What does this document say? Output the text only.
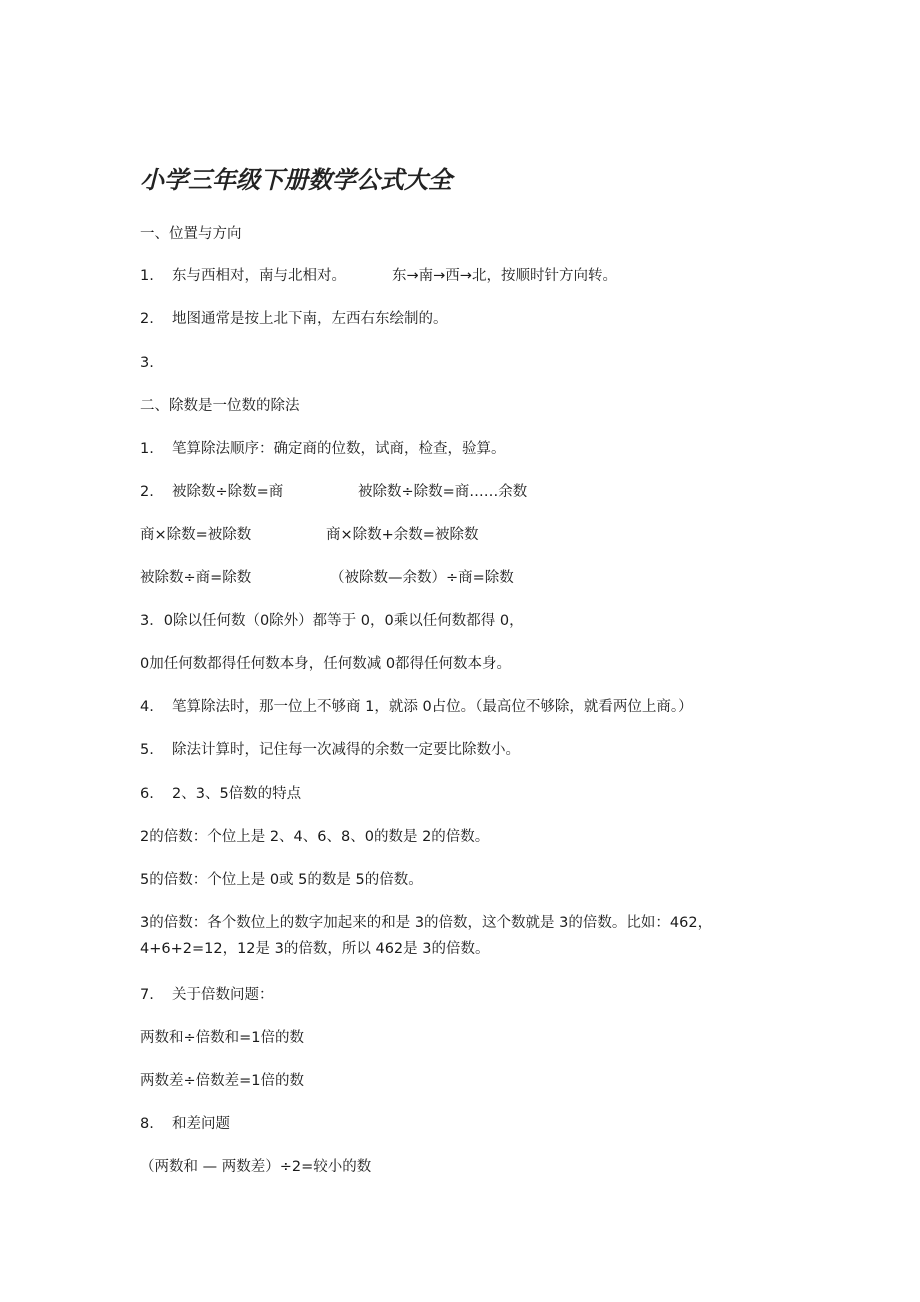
小学三年级下册数学公式大全
一、位置与方向
1. 东与西相对，南与北相对。	东→南→西→北，按顺时针方向转。
2. 地图通常是按上北下南，左西右东绘制的。
3.
二、除数是一位数的除法
1. 笔算除法顺序：确定商的位数，试商，检查，验算。
2. 被除数÷除数=商	被除数÷除数=商……余数
商×除数=被除数	商×除数+余数=被除数
被除数÷商=除数	（被除数—余数）÷商=除数
3．0除以任何数（0除外）都等于 0，0乘以任何数都得 0，
0加任何数都得任何数本身，任何数减 0都得任何数本身。
4. 笔算除法时，那一位上不够商 1，就添 0占位。（最高位不够除，就看两位上商。）
5. 除法计算时，记住每一次减得的余数一定要比除数小。
6. 2、3、5倍数的特点
2的倍数：个位上是 2、4、6、8、0的数是 2的倍数。
5的倍数：个位上是 0或 5的数是 5的倍数。
3的倍数：各个数位上的数字加起来的和是 3的倍数，这个数就是 3的倍数。比如：462，4+6+2=12，12是 3的倍数，所以 462是 3的倍数。
7. 关于倍数问题：
两数和÷倍数和=1倍的数
两数差÷倍数差=1倍的数
8. 和差问题
（两数和 — 两数差）÷2=较小的数
